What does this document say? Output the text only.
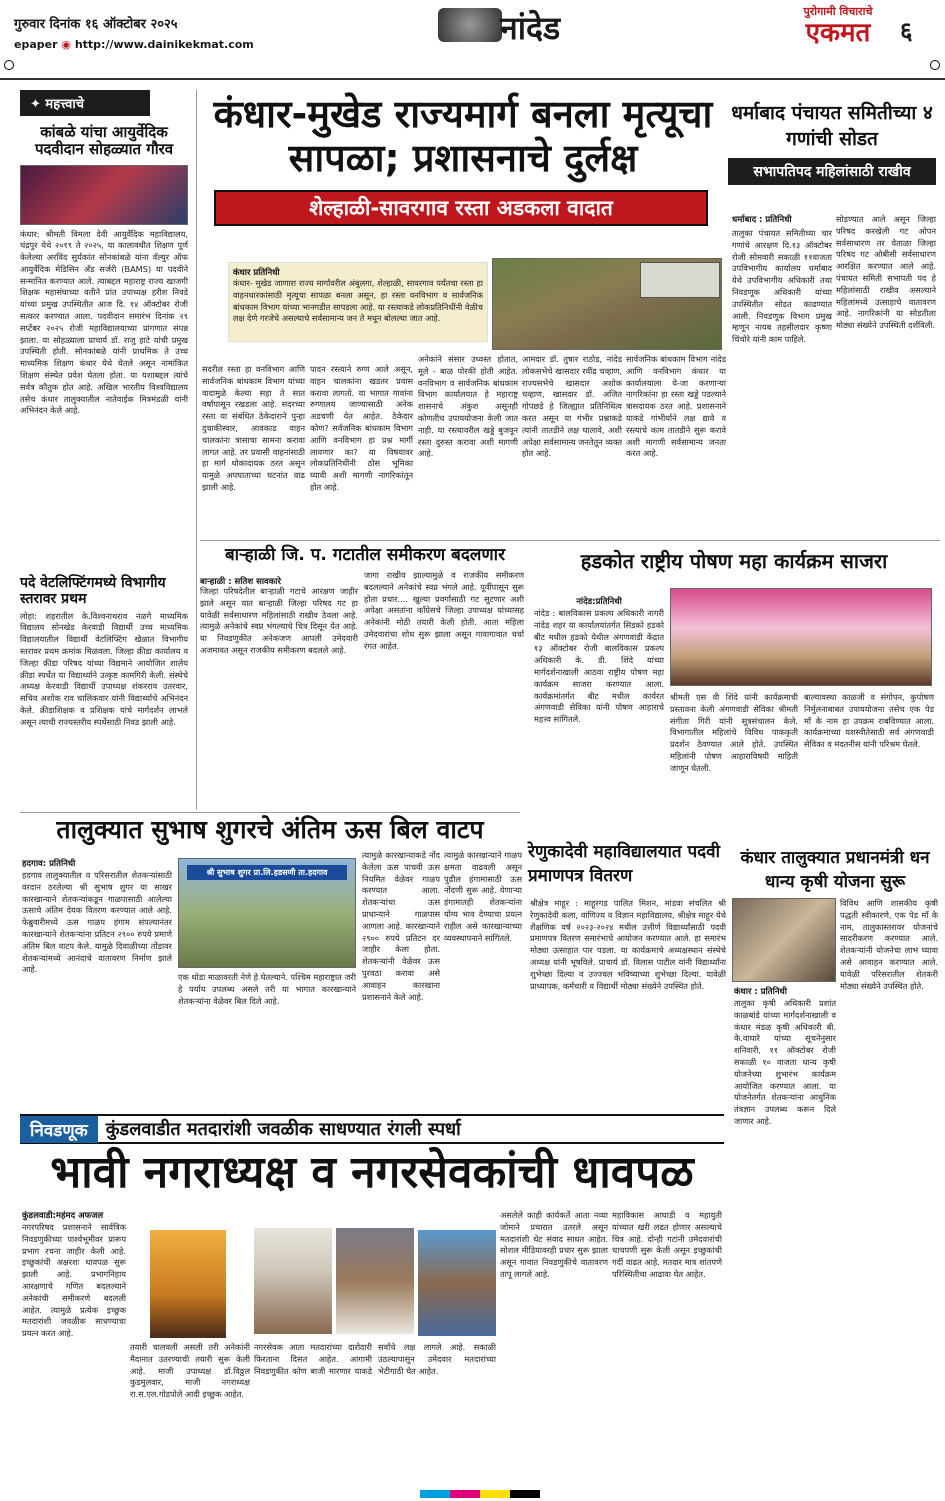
गुरुवार दिनांक १६ ऑक्टोबर २०२५
epaper ◉ http://www.dainikekmat.com	नांदेड	पुरोगामी विचाराचे
एकमत	६
✦ महत्त्वाचे
कांबळे यांचा आयुर्वेदिक पदवीदान सोहळ्यात गौरव
कंधार: श्रीमती विमला देवी आयुर्वेदिक महाविद्यालय, चंद्रपुर येथे २०१९ ते २०२५, या कालावधीत शिक्षण पूर्ण केलेल्या अरविंद सुर्यकांत सोनकांबळे यांना वॅल्युर ऑफ आयुर्वेदिक मेडिसिन अँड सर्जरी (BAMS) या पदवीने सन्मानित करण्यात आले. त्याबद्दल महाराष्ट्र राज्य खाजगी शिक्षक महासंघाच्या वतीने प्रांत उपाध्यक्ष हरीश निवडे यांच्या प्रमुख उपस्थितीत आज दि. १४ ऑक्टोबर रोजी सत्कार करण्यात आला. पदवीदान समारंभ दिनांक २९ सप्टेंबर २०२५ रोजी महाविद्यालयाच्या प्रांगणात संपन्न झाला. या सोहळ्याला प्राचार्य डॉ. राजु हाटे यांची प्रमुख उपस्थिती होती. सोनकांबळे यांनी प्राथमिक ते उच्च माध्यमिक शिक्षण कंधार येथे घेतले असून नामांकित शिक्षण संस्थेत प्रवेश घेतला होता. या यशाबद्दल त्यांचे सर्वत्र कौतुक होत आहे. अखिल भारतीय विश्वविद्यालय तसेच कंधार तालुक्यातील नातेवाईक मित्रमंडळी यांनी अभिनंदन केले आहे.
पदे वेटलिफ्टिंगमध्ये विभागीय स्तरावर प्रथम
लोहा: शहरातील के.विश्वनाथराव नळगे माध्यमिक विद्यालय सोनखेड केरवाडी विद्यार्थी उच्च माध्यमिक विद्यालयातील विद्यार्थी वेटलिफ्टिंग खेळात विभागीय स्तरावर प्रथम क्रमांक मिळवला. जिल्हा क्रीडा कार्यालय व जिल्हा क्रीडा परिषद यांच्या विद्यमाने आयोजित शालेय क्रीडा स्पर्धेत या विद्यार्थ्याने उत्कृष्ट कामगिरी केली. संस्थेचे अध्यक्ष केरवाडी विद्यार्थी उपाध्यक्ष शंकरराव उतरवार, सचिव अशोक राव चालिकवार यांनी विद्यार्थ्याचे अभिनंदन केले. क्रीडाशिक्षक व प्रशिक्षक यांचे मार्गदर्शन लाभले असून त्याची राज्यस्तरीय स्पर्धेसाठी निवड झाली आहे.
कंधार-मुखेड राज्यमार्ग बनला मृत्यूचा सापळा; प्रशासनाचे दुर्लक्ष
शेल्हाळी-सावरगाव रस्ता अडकला वादात
कंधार प्रतिनिधी
कंधार- मुखेड जाणारा राज्य मार्गावरील अंबुलगा, शेल्हाळी, सावरगाव पर्यंतचा रस्ता हा वाहनधारकांसाठी मृत्यूचा सापळा बनला असून, हा रस्ता वनविभाग व सार्वजनिक बांधकाम विभाग यांच्या भानगडीत सापडला आहे. या रस्त्याकडे लोकप्रतिनिधींनी वेळीच लक्ष देणे गरजेचे असल्याचे सर्वसामान्य जन ते मधून बोलल्या जात आहे.
सदरील रस्ता हा वनविभाग आणि सार्वजनिक बांधकाम विभाग यांच्या वादामुळे केल्या सहा ते सात वर्षापासून रखडला आहे. सदरच्या रस्ता या संबंधित ठेकेदाराने पुन्हा दुचाकीस्वार, आवकाड वाहन चालकांना त्रासाचा सामना करावा लागत आहे. तर प्रवासी वाहनांसाठी हा मार्ग धोकादायक ठरत असून यामुळे अपघाताच्या घटनांत वाढ झाली आहे.
पादन रस्त्याने रुग्ण आले असून, वाहन चालकांना खडतर प्रवास करावा लागतो. या भागात गावांना रुग्णालय जाण्यासाठी अनेक अडचणी येत आहेत. ठेकेदार कोण? सर्वजनिक बांधकाम विभाग आणि वनविभाग हा प्रश्न मार्गी लावणार का? या विषयावर लोकप्रतिनिधींनी ठोस भूमिका घ्यावी अशी मागणी नागरिकांतून होत आहे.
अनेकांने संसार उध्वस्त होतात, मूले - बाळ पोरकी होती आहेत. वनविभाग व सार्वजनिक बांधकाम विभाग कार्यालयात हे महाराष्ट्र शासनाचे अंकुश असूनही कोणतीच उपाययोजना केली जात नाही. या रस्त्यावरील खड्डे बुजवून रस्ता दुरुस्त करावा अशी मागणी आहे.
आमदार डॉ. तुषार राठोड, नांदेड लोकसभेचे खासदार रवींद्र चव्हाण, राज्यसभेचे खासदार अशोक चव्हाण, खासदार डॉ. अजित गोपछडे हे जिल्ह्यात प्रतिनिधित्व करत असून या गंभीर प्रश्नाकडे त्यांनी तातडीने लक्ष घालावे, अशी अपेक्षा सर्वसामान्य जनतेतून व्यक्त होत आहे.
सार्वजनिक बांधकाम विभाग नांदेड आणि वनविभाग कंधार या कार्यालयाला ये-जा करणाऱ्या नागरिकांना हा रस्ता खड्डे पडल्याने त्रासदायक ठरत आहे. प्रशासनाने याकडे गांभीर्याने लक्ष द्यावे व रस्त्याचे काम तातडीने सुरू करावे अशी मागणी सर्वसामान्य जनता करत आहे.
धर्माबाद पंचायत समितीच्या ४ गणांची सोडत
सभापतिपद महिलांसाठी राखीव
धर्माबाद : प्रतिनिधी
तालुका पंचायत समितीच्या चार गणांचे आरक्षण दि.१३ ऑक्टोबर रोजी सोमवारी सकाळी ११वाजता उपविभागीय कार्यालय धर्माबाद येथे उपविभागीय अधिकारी तथा निवडणूक अधिकारी यांच्या उपस्थितीत सोडत काढण्यात आली. निवडणूक विभाग प्रमुख म्हणून नायब तहसीलदार कृष्णा चिंचोरे यांनी काम पाहिले.
सोडण्यात आले असून जिल्हा परिषद करखेली गट ओपन सर्वसाधारण तर येताळा जिल्हा परिषद गट ओबीसी सर्वसाधारण आरक्षित करण्यात आले आहे. पंचायत समिती सभापती पद हे महिलांसाठी राखीव असल्याने महिलांमध्ये उत्साहाचे वातावरण आहे. नागरिकांनी या सोडतीला मोठ्या संख्येने उपस्थिती दर्शविली.
बाऱ्हाळी जि. प. गटातील समीकरण बदलणार
बाऱ्हाळी : सतिश सावकारे
जिल्हा परिषदेतील बाऱ्हाळी गटाचे आरक्षण जाहीर झाले असून यात बाऱ्हाळी जिल्हा परिषद गट हा यावेळी सर्वसाधारण महिलांसाठी राखीव ठेवला आहे. त्यामुळे अनेकांचे स्वप्न भंगल्याचे चित्र दिसून येत आहे. या निवडणुकीत अनेकजण आपली उमेदवारी अजमावत असून राजकीय समीकरण बदलले आहे.
जागा राखीव झाल्यामुळे व राजकीय समीकरण बदलल्याने अनेकांचे स्वप्न भंगले आहे. पूर्वीपासून सुरू होता प्रचार.... खुल्या प्रवर्गासाठी गट सुटणार अशी अपेक्षा असतांना काँग्रेसचे जिल्हा उपाध्यक्ष यांच्यासह अनेकांनी मोठी तयारी केली होती. आता महिला उमेदवारांचा शोध सुरू झाला असून गावागावात चर्चा रंगत आहेत.
हडकोत राष्ट्रीय पोषण महा कार्यक्रम साजरा
नांदेड:प्रतिनिधी
नांदेड : बालविकास प्रकल्प अधिकारी नागरी नांदेड शहर या कार्यालयांतर्गत सिडको हडको बीट मधील हडको येथील अंगणवाडी केंद्रात १३ ऑक्टोबर रोजी बालविकास प्रकल्प अधिकारी के. डी. शिंदे यांच्या मार्गदर्शनाखाली आठवा राष्ट्रीय पोषण महा कार्यक्रम साजरा करण्यात आला. कार्यक्रमांतर्गत बीट मधील कार्यरत अंगणवाडी सेविका यांनी पोषण आहाराचे महत्त्व सांगितले.
श्रीमती एस वी शिंदे यांनी कार्यक्रमाची प्रस्तावना केली अंगणवाडी सेविका श्रीमती संगीता गिरी यांनी सूत्रसंचालन केले. विभागातील महिलांचे विविध पाककृती प्रदर्शन ठेवण्यात आले होते. उपस्थित महिलांनी पोषण आहाराविषयी माहिती जाणून घेतली.
बाल्यावस्था काळजी व संगोपन, कुपोषण निर्मुलनाबाबत उपाययोजना तसेच एक पेड माँ के नाम हा उपक्रम राबविण्यात आला. कार्यक्रमाच्या यशस्वीतेसाठी सर्व अंगणवाडी सेविका व मदतनीस यांनी परिश्रम घेतले.
तालुक्यात सुभाष शुगरचे अंतिम ऊस बिल वाटप
हदगाव: प्रतिनिधी
हदगाव तालुक्यातील व परिसरातील शेतकऱ्यांसाठी वरदान ठरलेल्या श्री सुभाष शुगर या साखर कारखान्याने शेतकऱ्यांकडून गाळपासाठी आलेल्या ऊसाचे अंतिम देयक वितरण करण्यात आले आहे. फेब्रुवारीमध्ये ऊस गाळप हंगाम संपल्यानंतर कारखान्याने शेतकऱ्यांना प्रतिटन २९०० रुपये प्रमाणे अंतिम बिल वाटप केले. यामुळे दिवाळीच्या तोंडावर शेतकऱ्यांमध्ये आनंदाचे वातावरण निर्माण झाले आहे.
श्री सुभाष शुगर प्रा.लि.हडसणी ता.हदगाव
एक थोडा माळावरती नेणे हे घेतल्याने. पश्चिम महाराष्ट्रात जरी हे पर्याय उपलब्ध असले तरी या भागात कारखान्याने शेतकऱ्यांना वेळेवर बिल दिले आहे.
त्यामुळे कारखान्याकडे नोंद केलेला ऊस पाचवी ऊस नियमित वेळेवर गाळप करण्यात आला. शेतकऱ्यांचा ऊस प्राधान्याने गाळपास आणला आहे. कारखान्याने २९०० रुपये प्रतिटन दर जाहीर केला होता. शेतकऱ्यांनी वेळेवर ऊस पुरवठा करावा असे आवाहन कारखाना प्रशासनाने केले आहे.
त्यामुळे कारखान्याने गाळप क्षमता वाढवली असून पुढील हंगामासाठी ऊस नोंदणी सुरू आहे. येणाऱ्या हंगामातही शेतकऱ्यांना योग्य भाव देण्याचा प्रयत्न राहील असे कारखान्याच्या व्यवस्थापनाने सांगितले.
रेणुकादेवी महाविद्यालयात पदवी प्रमाणपत्र वितरण
श्रीक्षेत्र माहूर : माहूरगड पालित मिशन, मांडवा संचलित श्री रेणुकादेवी कला, वाणिज्य व विज्ञान महाविद्यालय, श्रीक्षेत्र माहूर येथे शैक्षणिक वर्ष २०२३-२०२४ मधील उत्तीर्ण विद्यार्थ्यांसाठी पदवी प्रमाणपत्र वितरण समारंभाचे आयोजन करण्यात आले. हा समारंभ मोठ्या उत्साहात पार पडला. या कार्यक्रमाचे अध्यक्षस्थान संस्थेचे अध्यक्ष यांनी भूषविले. प्राचार्य डॉ. विलास पाटील यांनी विद्यार्थ्यांना शुभेच्छा दिल्या व उज्ज्वल भविष्याच्या शुभेच्छा दिल्या. यावेळी प्राध्यापक, कर्मचारी व विद्यार्थी मोठ्या संख्येने उपस्थित होते.
कंधार तालुक्यात प्रधानमंत्री धन धान्य कृषी योजना सुरू
कंधार : प्रतिनिधी
तालुका कृषी अधिकारी प्रशांत काळबांडे यांच्या मार्गदर्शनाखाली व कंधार मंडळ कृषी अधिकारी बी. के.वाघारे यांच्या सूचनेनुसार शनिवारी, ११ ऑक्टोबर रोजी सकाळी १० वाजता धान्य कृषी योजनेच्या शुभारंभ कार्यक्रम आयोजित करण्यात आला. या योजनेतर्गत शेतकऱ्यांना आधुनिक तंत्रज्ञान उपलब्ध करून दिले जाणार आहे.
विविध आणि शासकीय कृषी पद्धती स्वीकारणे, एक पेड माँ के नाम, तालुकास्तरावर योजनांचे सादरीकरण करण्यात आले. शेतकऱ्यांनी योजनेचा लाभ घ्यावा असे आवाहन करण्यात आले. यावेळी परिसरातील शेतकरी मोठ्या संख्येने उपस्थित होते.
निवडणूक	कुंडलवाडीत मतदारांशी जवळीक साधण्यात रंगली स्पर्धा
भावी नगराध्यक्ष व नगरसेवकांची धावपळ
कुंडलवाडी:महंमद अफजल
नगरपरिषद प्रशासनाने सार्वत्रिक निवडणुकीच्या पार्श्वभूमीवर प्रारूप प्रभाग रचना जाहीर केली आहे. इच्छुकांची अक्षरशः धावपळ सुरू झाली आहे. प्रभागनिहाय आरक्षणाचे गणित बदलल्याने अनेकांची समीकरणे बदलली आहेत. त्यामुळे प्रत्येक इच्छुक मतदारांशी जवळीक साधण्याचा प्रयत्न करत आहे.
तयारी चालवली असली तरी अनेकांनी मैदानात उतरण्याची तयारी सुरू केली आहे. माजी उपाध्यक्ष डॉ.विठ्ठल कुडमुलवार, माजी नगराध्यक्ष रा.स.एल.गोडपोले आदी इच्छुक आहेत.
नगरसेवक आता मतदारांच्या दारोदारी फिरताना दिसत आहेत. आगामी निवडणुकीत कोण बाजी मारणार याकडे सर्वांचे लक्ष लागले आहे. सकाळी उठल्यापासून उमेदवार मतदारांच्या भेटीगाठी घेत आहेत.
असलेले काही कार्यकर्ते आता नव्या जोमाने प्रचारात उतरले असून मतदारांशी थेट संवाद साधत आहेत. सोशल मीडियावरही प्रचार सुरू झाला असून गावात निवडणुकीचे वातावरण तापू लागले आहे.
महाविकास आघाडी व महायुती यांच्यात खरी लढत होणार असल्याचे चित्र आहे. दोन्ही गटांनी उमेदवारांची चाचपणी सुरू केली असून इच्छुकांची गर्दी वाढत आहे. मतदार मात्र शांतपणे परिस्थितीचा आढावा घेत आहेत.
